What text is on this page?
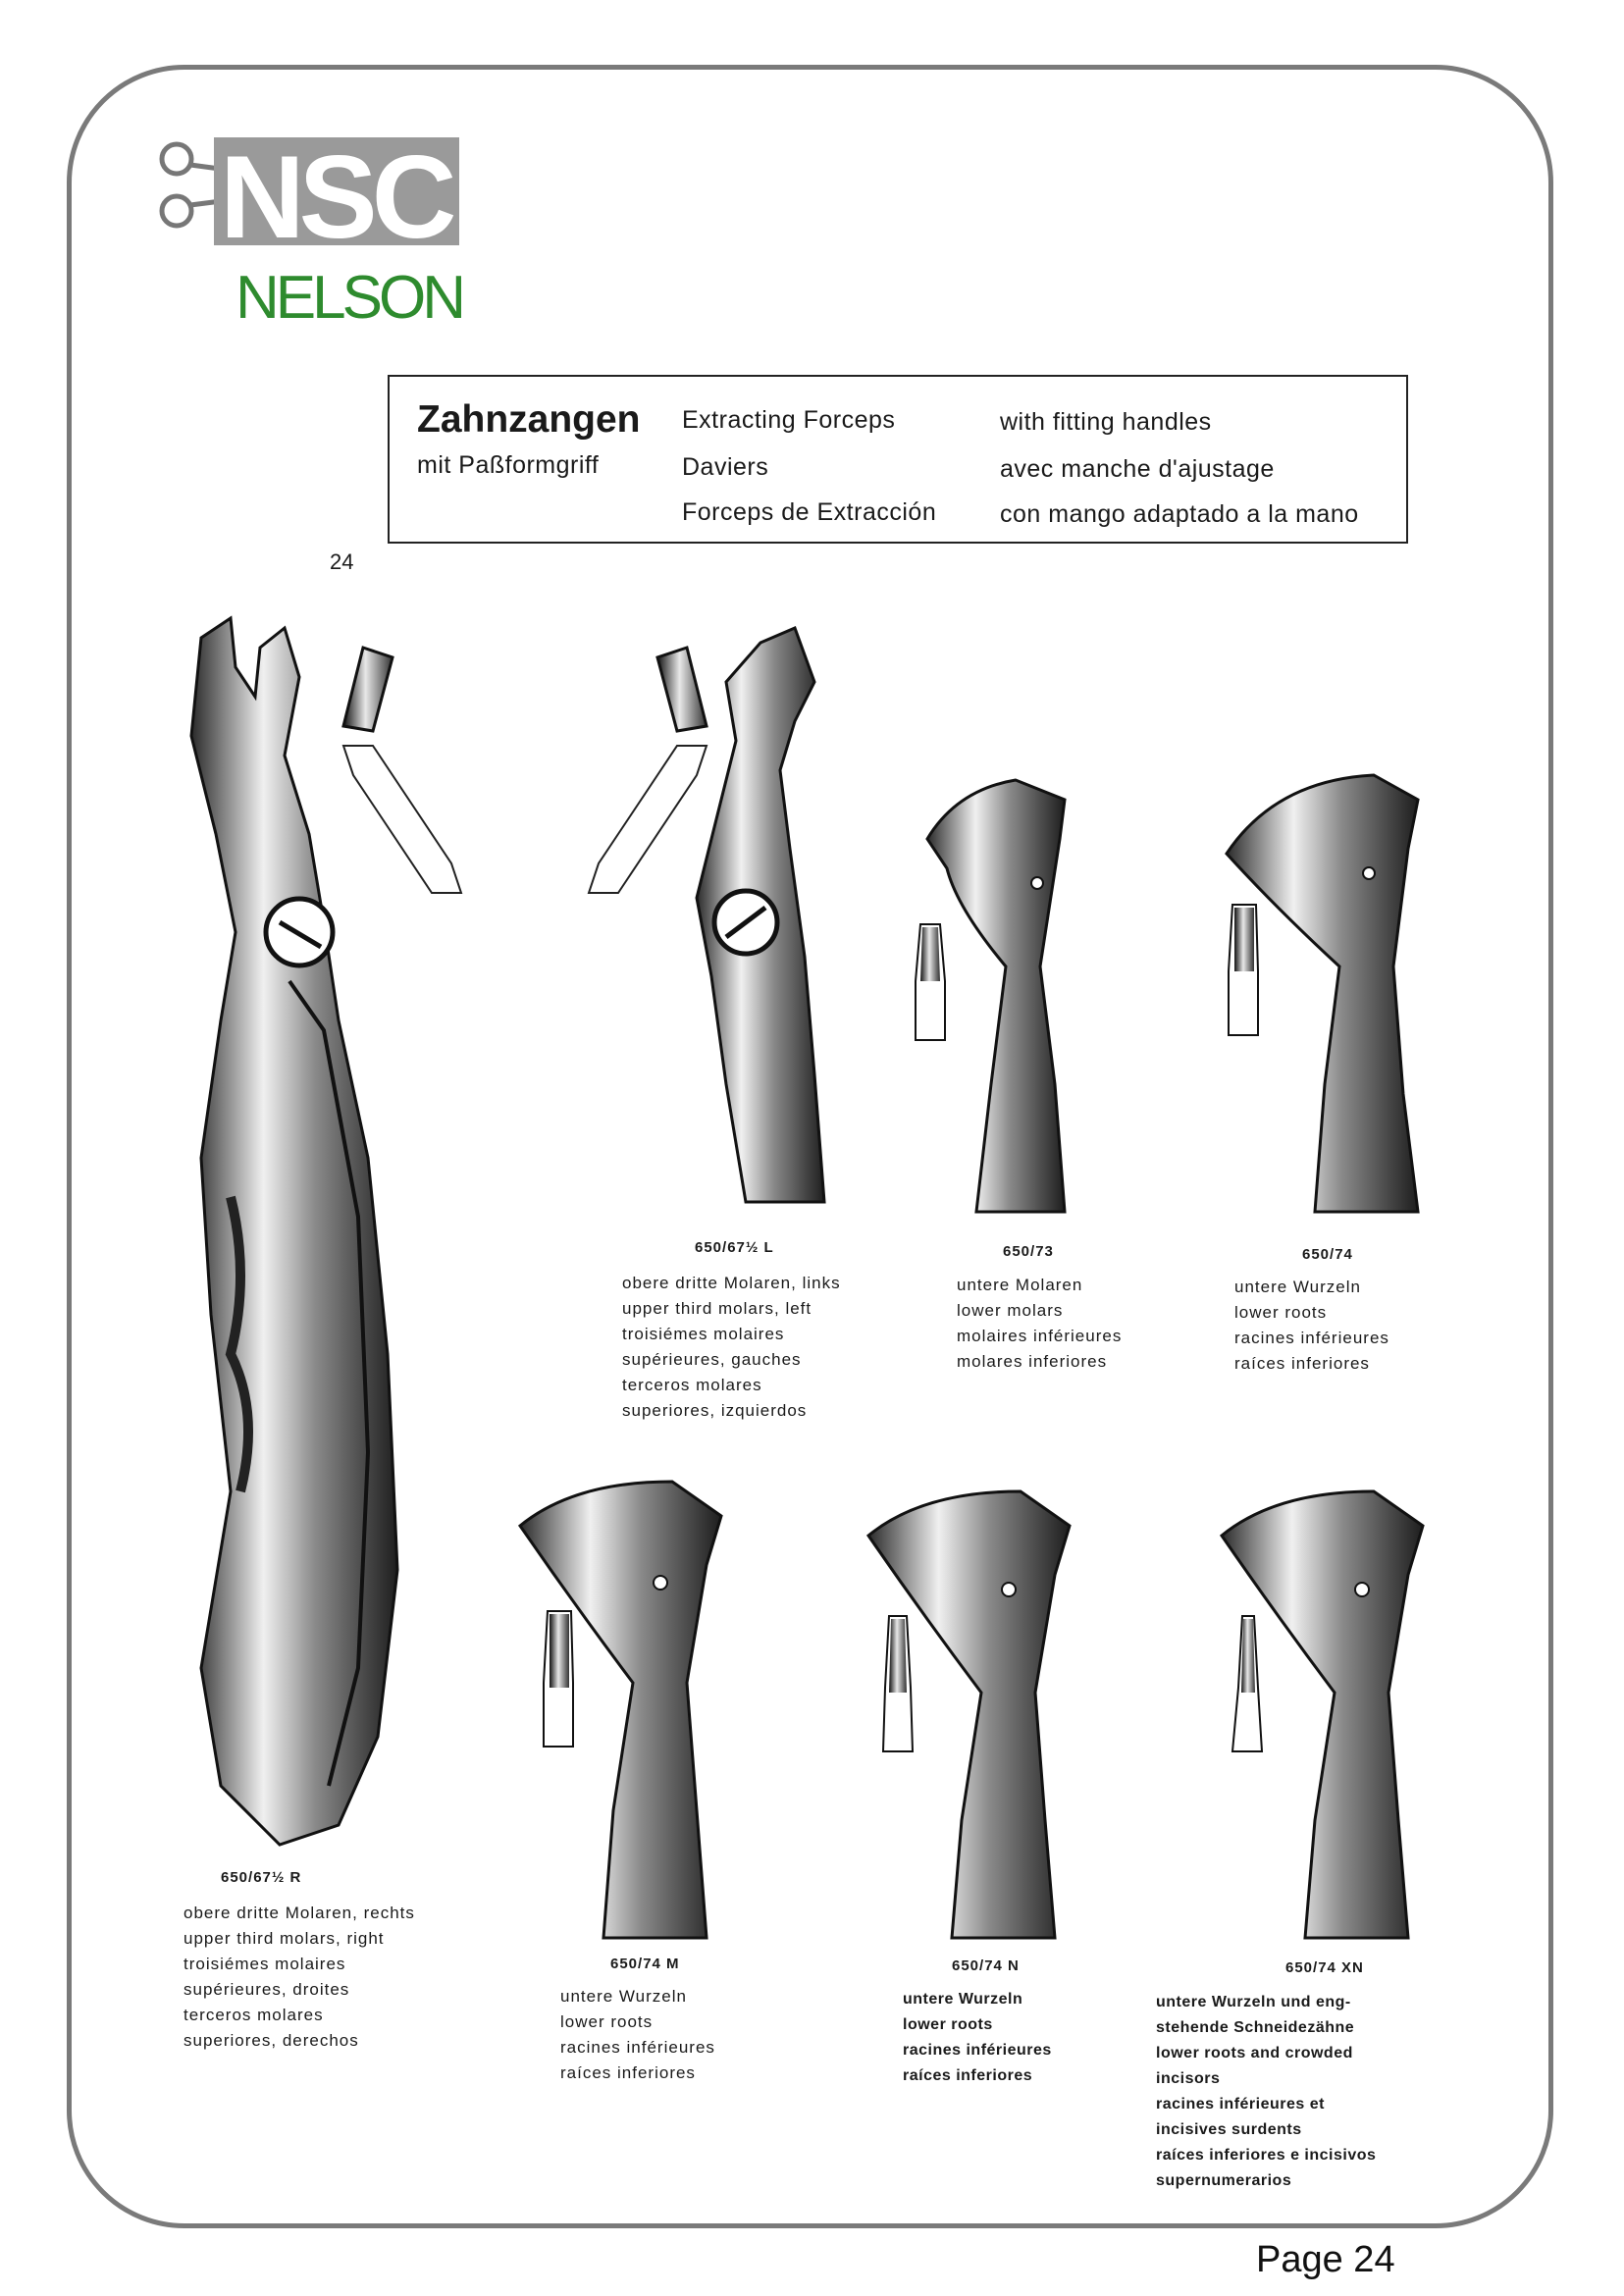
NSC
NELSON
Zahnzangen
mit Paßformgriff
Extracting Forceps
Daviers
Forceps de Extracción
with fitting handles
avec manche d'ajustage
con mango adaptado a la mano
24
650/67½ R
obere dritte Molaren, rechts
upper third molars, right
troisiémes molaires
supérieures, droites
terceros molares
superiores, derechos
650/67½ L
obere dritte Molaren, links
upper third molars, left
troisiémes molaires
supérieures, gauches
terceros molares
superiores, izquierdos
650/73
untere Molaren
lower molars
molaires inférieures
molares inferiores
650/74
untere Wurzeln
lower roots
racines inférieures
raíces inferiores
650/74 M
untere Wurzeln
lower roots
racines inférieures
raíces inferiores
650/74 N
untere Wurzeln
lower roots
racines inférieures
raíces inferiores
650/74 XN
untere Wurzeln und eng-
stehende Schneidezähne
lower roots and crowded
incisors
racines inférieures et
incisives surdents
raíces inferiores e incisivos
supernumerarios
Page 24
